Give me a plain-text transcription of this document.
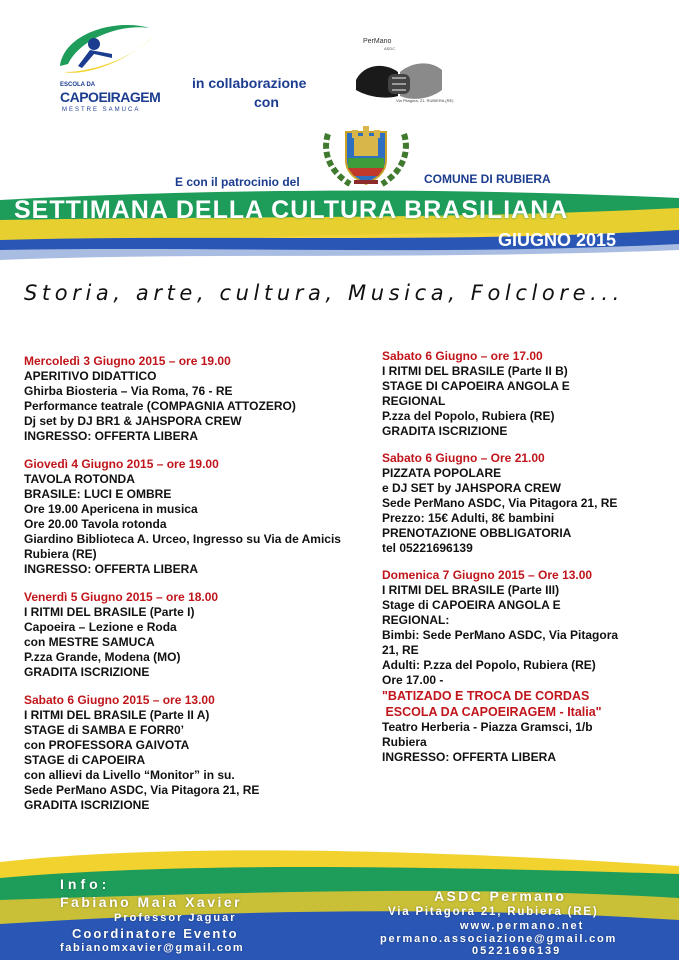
ESCOLA DA
CAPOEIRAGEM
MESTRE SAMUCA
in collaborazione
con
PerMano
ASDC
Via Pitagora, 21, RUBIERA (RE)
E con il patrocinio del	COMUNE DI RUBIERA
SETTIMANA DELLA CULTURA BRASILIANA
GIUGNO 2015
Storia, arte, cultura, Musica, Folclore...
Mercoledì 3 Giugno 2015 – ore 19.00
APERITIVO DIDATTICO
Ghirba Biosteria – Via Roma, 76 - RE
Performance teatrale (COMPAGNIA ATTOZERO)
Dj set by DJ BR1 & JAHSPORA CREW
INGRESSO: OFFERTA LIBERA
Giovedì 4 Giugno 2015 – ore 19.00
TAVOLA ROTONDA
BRASILE: LUCI E OMBRE
Ore 19.00 Apericena in musica
Ore 20.00 Tavola rotonda
Giardino Biblioteca A. Urceo, Ingresso su Via de Amicis
Rubiera (RE)
INGRESSO: OFFERTA LIBERA
Venerdì 5 Giugno 2015 – ore 18.00
I RITMI DEL BRASILE (Parte I)
Capoeira – Lezione e Roda
con MESTRE SAMUCA
P.zza Grande, Modena (MO)
GRADITA ISCRIZIONE
Sabato 6 Giugno 2015 – ore 13.00
I RITMI DEL BRASILE (Parte II A)
STAGE di SAMBA E FORR0’
con PROFESSORA GAIVOTA
STAGE di CAPOEIRA
con allievi da Livello “Monitor” in su.
Sede PerMano ASDC, Via Pitagora 21, RE
GRADITA ISCRIZIONE
Sabato 6 Giugno – ore 17.00
I RITMI DEL BRASILE (Parte II B)
STAGE DI CAPOEIRA ANGOLA E
REGIONAL
P.zza del Popolo, Rubiera (RE)
GRADITA ISCRIZIONE
Sabato 6 Giugno – Ore 21.00
PIZZATA POPOLARE
e DJ SET by JAHSPORA CREW
Sede PerMano ASDC, Via Pitagora 21, RE
Prezzo: 15€ Adulti, 8€ bambini
PRENOTAZIONE OBBLIGATORIA
tel 05221696139
Domenica 7 Giugno 2015 – Ore 13.00
I RITMI DEL BRASILE (Parte III)
Stage di CAPOEIRA ANGOLA E
REGIONAL:
Bimbi: Sede PerMano ASDC, Via Pitagora
21, RE
Adulti: P.zza del Popolo, Rubiera (RE)
Ore 17.00 -
"BATIZADO E TROCA DE CORDAS
ESCOLA DA CAPOEIRAGEM - Italia"
Teatro Herberia - Piazza Gramsci, 1/b
Rubiera
INGRESSO: OFFERTA LIBERA
Info:
Fabiano Maia Xavier
Professor Jaguar
Coordinatore Evento
fabianomxavier@gmail.com
ASDC Permano
Via Pitagora 21, Rubiera (RE)
www.permano.net
permano.associazione@gmail.com
05221696139
